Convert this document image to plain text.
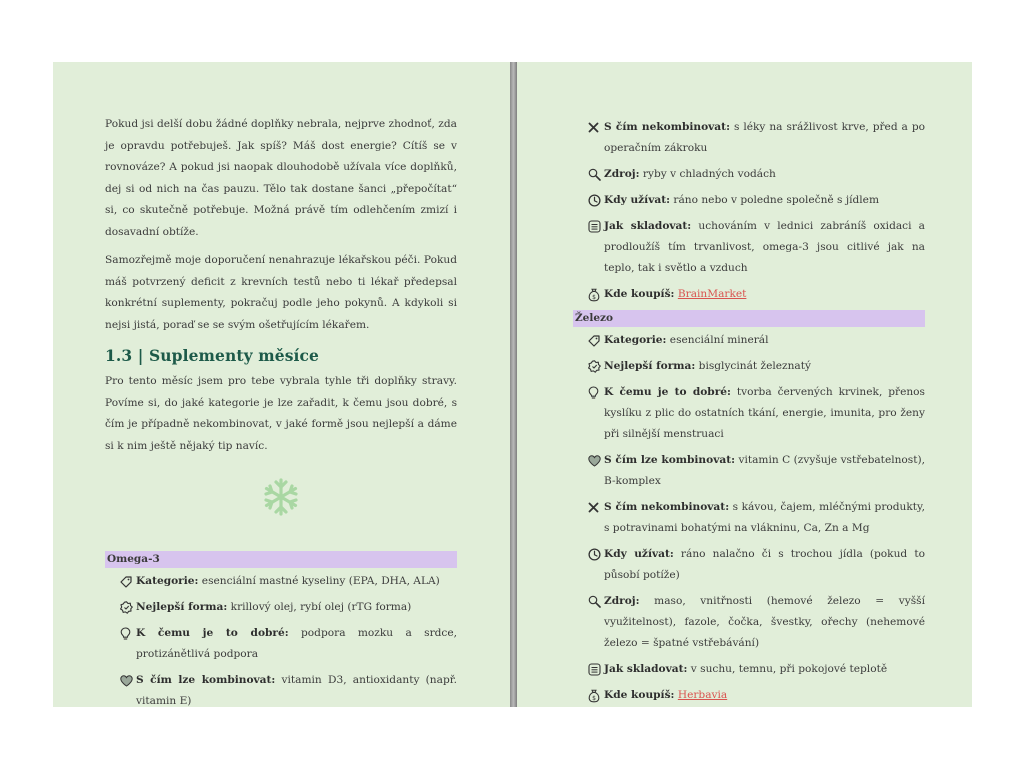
Pokud jsi delší dobu žádné doplňky nebrala, nejprve zhodnoť, zda je opravdu potřebuješ. Jak spíš? Máš dost energie? Cítíš se v rovnováze? A pokud jsi naopak dlouhodobě užívala více doplňků, dej si od nich na čas pauzu. Tělo tak dostane šanci „přepočítat“ si, co skutečně potřebuje. Možná právě tím odlehčením zmizí i dosavadní obtíže.

Samozřejmě moje doporučení nenahrazuje lékařskou péči. Pokud máš potvrzený deficit z krevních testů nebo ti lékař předepsal konkrétní suplementy, pokračuj podle jeho pokynů. A kdykoli si nejsi jistá, poraď se se svým ošetřujícím lékařem.

1.3 | Suplementy měsíce

Pro tento měsíc jsem pro tebe vybrala tyhle tři doplňky stravy. Povíme si, do jaké kategorie je lze zařadit, k čemu jsou dobré, s čím je případně nekombinovat, v jaké formě jsou nejlepší a dáme si k nim ještě nějaký tip navíc.

Omega-3
Kategorie: esenciální mastné kyseliny (EPA, DHA, ALA)
Nejlepší forma: krillový olej, rybí olej (rTG forma)
K čemu je to dobré: podpora mozku a srdce, protizánětlivá podpora
S čím lze kombinovat: vitamin D3, antioxidanty (např. vitamin E)
S čím nekombinovat: s léky na srážlivost krve, před a po operačním zákroku
Zdroj: ryby v chladných vodách
Kdy užívat: ráno nebo v poledne společně s jídlem
Jak skladovat: uchováním v lednici zabráníš oxidaci a prodloužíš tím trvanlivost, omega-3 jsou citlivé jak na teplo, tak i světlo a vzduch
$ Kde koupíš: BrainMarket
Železo
Kategorie: esenciální minerál
Nejlepší forma: bisglycinát železnatý
K čemu je to dobré: tvorba červených krvinek, přenos kyslíku z plic do ostatních tkání, energie, imunita, pro ženy při silnější menstruaci
S čím lze kombinovat: vitamin C (zvyšuje vstřebatelnost), B-komplex
S čím nekombinovat: s kávou, čajem, mléčnými produkty, s potravinami bohatými na vlákninu, Ca, Zn a Mg
Kdy užívat: ráno nalačno či s trochou jídla (pokud to působí potíže)
Zdroj: maso, vnitřnosti (hemové železo = vyšší využitelnost), fazole, čočka, švestky, ořechy (nehemové železo = špatné vstřebávání)
Jak skladovat: v suchu, temnu, při pokojové teplotě
$ Kde koupíš: Herbavia
